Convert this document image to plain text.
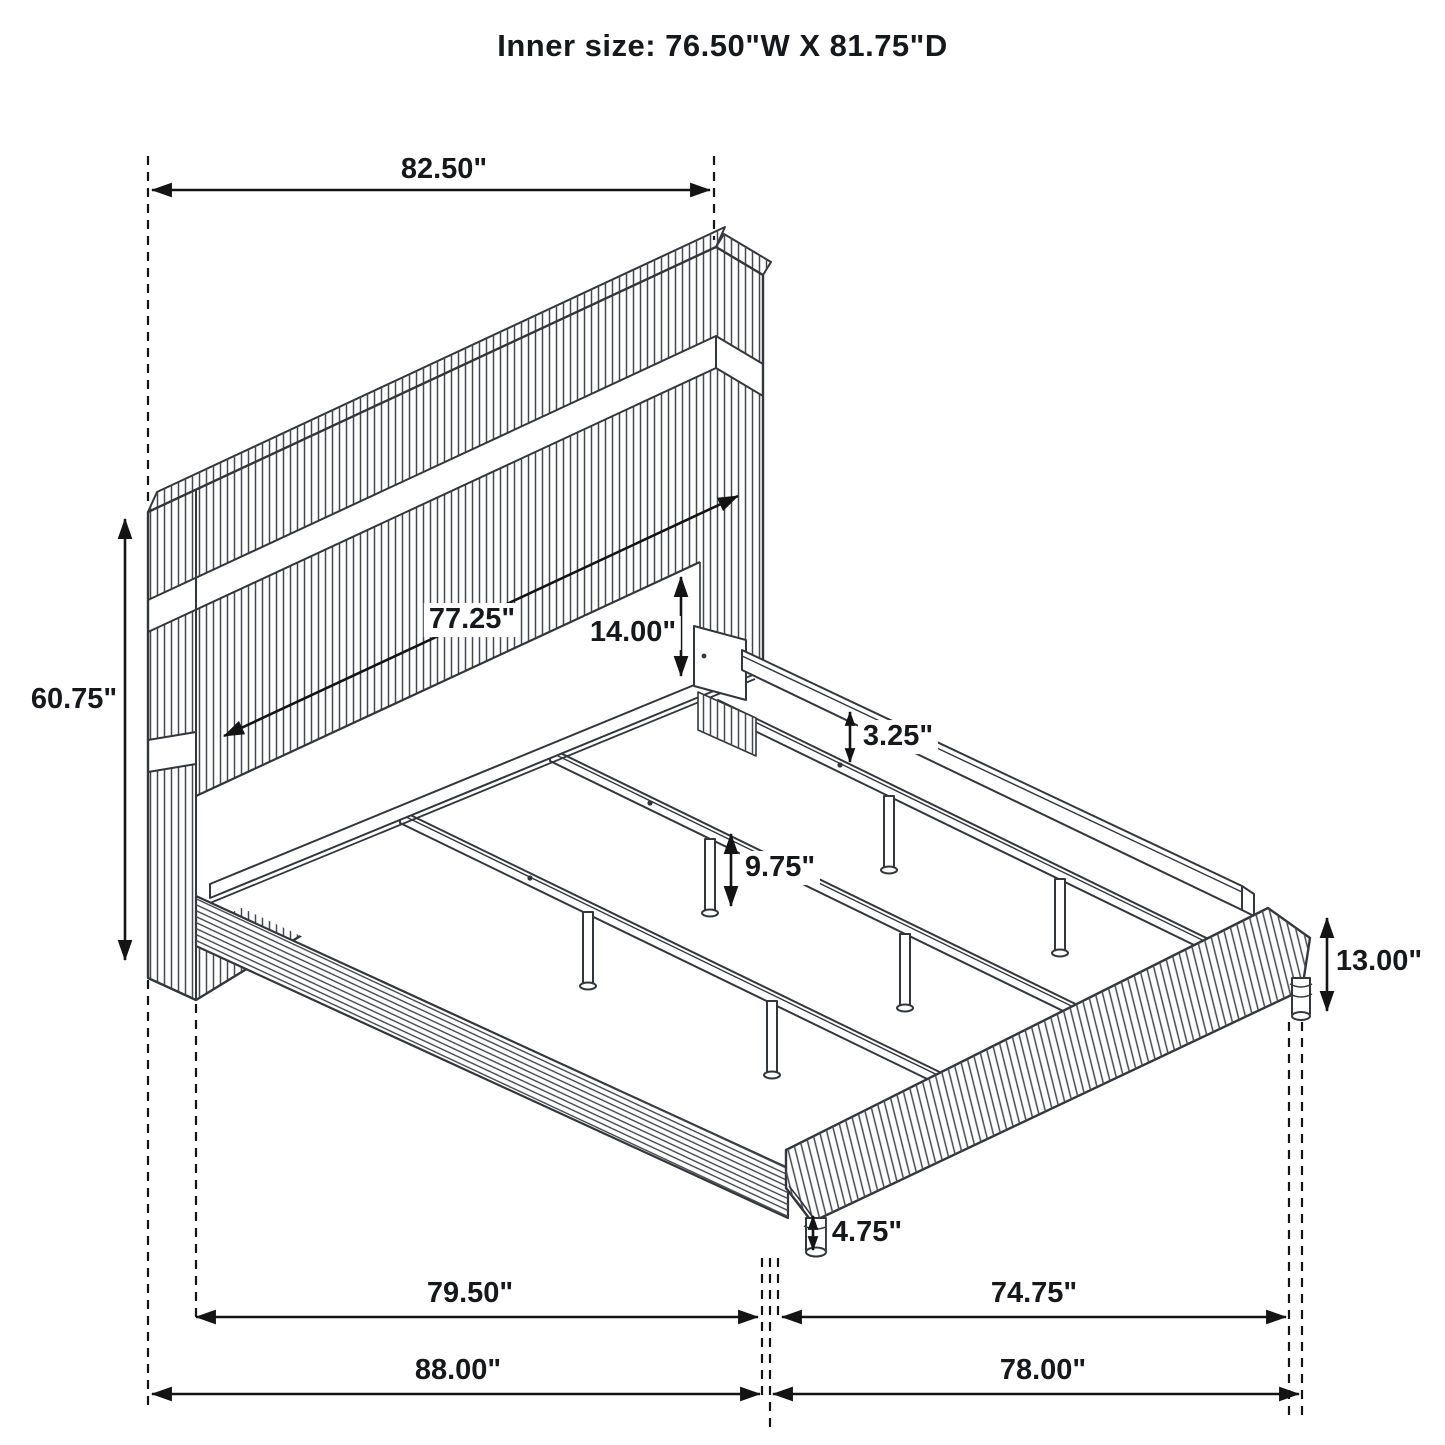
Inner size: 76.50"W X 81.75"D
82.50"
60.75"
77.25"	14.00"
3.25"
9.75"
13.00"
4.75"
79.50"	74.75"
88.00"	78.00"
